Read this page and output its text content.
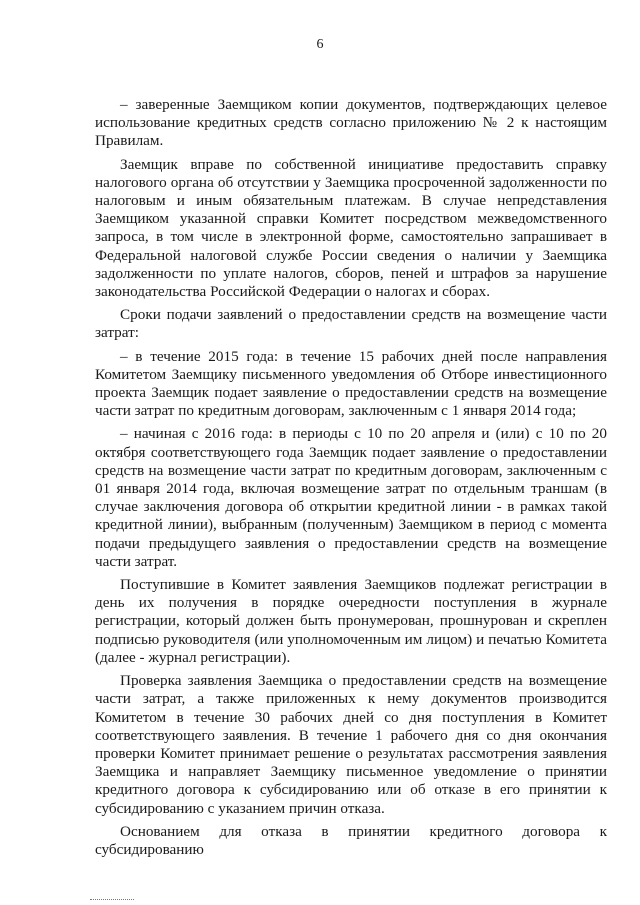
6

– заверенные Заемщиком копии документов, подтверждающих целевое использование кредитных средств согласно приложению № 2 к настоящим Правилам.

Заемщик вправе по собственной инициативе предоставить справку налогового органа об отсутствии у Заемщика просроченной задолженности по налоговым и иным обязательным платежам. В случае непредставления Заемщиком указанной справки Комитет посредством межведомственного запроса, в том числе в электронной форме, самостоятельно запрашивает в Федеральной налоговой службе России сведения о наличии у Заемщика задолженности по уплате налогов, сборов, пеней и штрафов за нарушение законодательства Российской Федерации о налогах и сборах.

Сроки подачи заявлений о предоставлении средств на возмещение части затрат:

– в течение 2015 года: в течение 15 рабочих дней после направления Комитетом Заемщику письменного уведомления об Отборе инвестиционного проекта Заемщик подает заявление о предоставлении средств на возмещение части затрат по кредитным договорам, заключенным с 1 января 2014 года;

– начиная с 2016 года: в периоды с 10 по 20 апреля и (или) с 10 по 20 октября соответствующего года Заемщик подает заявление о предоставлении средств на возмещение части затрат по кредитным договорам, заключенным с 01 января 2014 года, включая возмещение затрат по отдельным траншам (в случае заключения договора об открытии кредитной линии - в рамках такой кредитной линии), выбранным (полученным) Заемщиком в период с момента подачи предыдущего заявления о предоставлении средств на возмещение части затрат.

Поступившие в Комитет заявления Заемщиков подлежат регистрации в день их получения в порядке очередности поступления в журнале регистрации, который должен быть пронумерован, прошнурован и скреплен подписью руководителя (или уполномоченным им лицом) и печатью Комитета (далее - журнал регистрации).

Проверка заявления Заемщика о предоставлении средств на возмещение части затрат, а также приложенных к нему документов производится Комитетом в течение 30 рабочих дней со дня поступления в Комитет соответствующего заявления. В течение 1 рабочего дня со дня окончания проверки Комитет принимает решение о результатах рассмотрения заявления Заемщика и направляет Заемщику письменное уведомление о принятии кредитного договора к субсидированию или об отказе в его принятии к субсидированию с указанием причин отказа.

Основанием для отказа в принятии кредитного договора к субсидированию
